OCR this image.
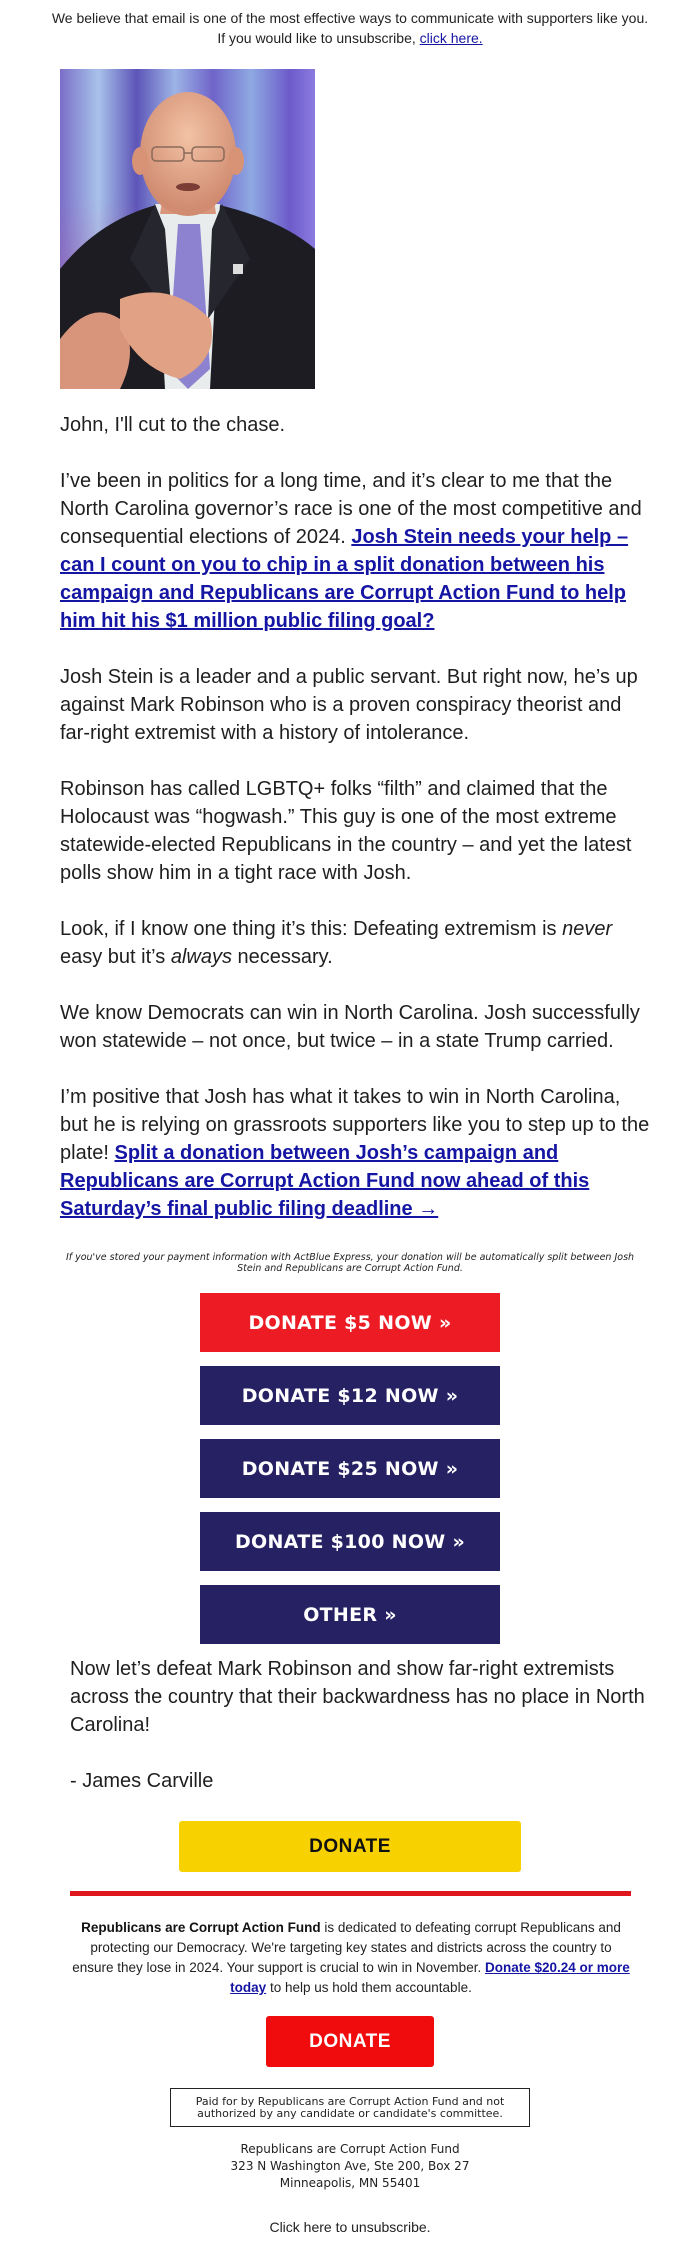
We believe that email is one of the most effective ways to communicate with supporters like you. If you would like to unsubscribe, click here.

John, I'll cut to the chase.

I’ve been in politics for a long time, and it’s clear to me that the North Carolina governor’s race is one of the most competitive and consequential elections of 2024. Josh Stein needs your help – can I count on you to chip in a split donation between his campaign and Republicans are Corrupt Action Fund to help him hit his $1 million public filing goal?

Josh Stein is a leader and a public servant. But right now, he’s up against Mark Robinson who is a proven conspiracy theorist and far-right extremist with a history of intolerance.

Robinson has called LGBTQ+ folks “filth” and claimed that the Holocaust was “hogwash.” This guy is one of the most extreme statewide-elected Republicans in the country – and yet the latest polls show him in a tight race with Josh.

Look, if I know one thing it’s this: Defeating extremism is never easy but it’s always necessary.

We know Democrats can win in North Carolina. Josh successfully won statewide – not once, but twice – in a state Trump carried.

I’m positive that Josh has what it takes to win in North Carolina, but he is relying on grassroots supporters like you to step up to the plate! Split a donation between Josh’s campaign and Republicans are Corrupt Action Fund now ahead of this Saturday’s final public filing deadline →

If you've stored your payment information with ActBlue Express, your donation will be automatically split between Josh Stein and Republicans are Corrupt Action Fund.
DONATE $5 NOW »
DONATE $12 NOW »
DONATE $25 NOW »
DONATE $100 NOW »
OTHER »

Now let’s defeat Mark Robinson and show far-right extremists across the country that their backwardness has no place in North Carolina!

- James Carville

DONATE
Republicans are Corrupt Action Fund is dedicated to defeating corrupt Republicans and protecting our Democracy. We're targeting key states and districts across the country to ensure they lose in 2024. Your support is crucial to win in November. Donate $20.24 or more today to help us hold them accountable.
DONATE
Paid for by Republicans are Corrupt Action Fund and not
authorized by any candidate or candidate's committee.
Republicans are Corrupt Action Fund
323 N Washington Ave, Ste 200, Box 27
Minneapolis, MN 55401
Click here to unsubscribe.
